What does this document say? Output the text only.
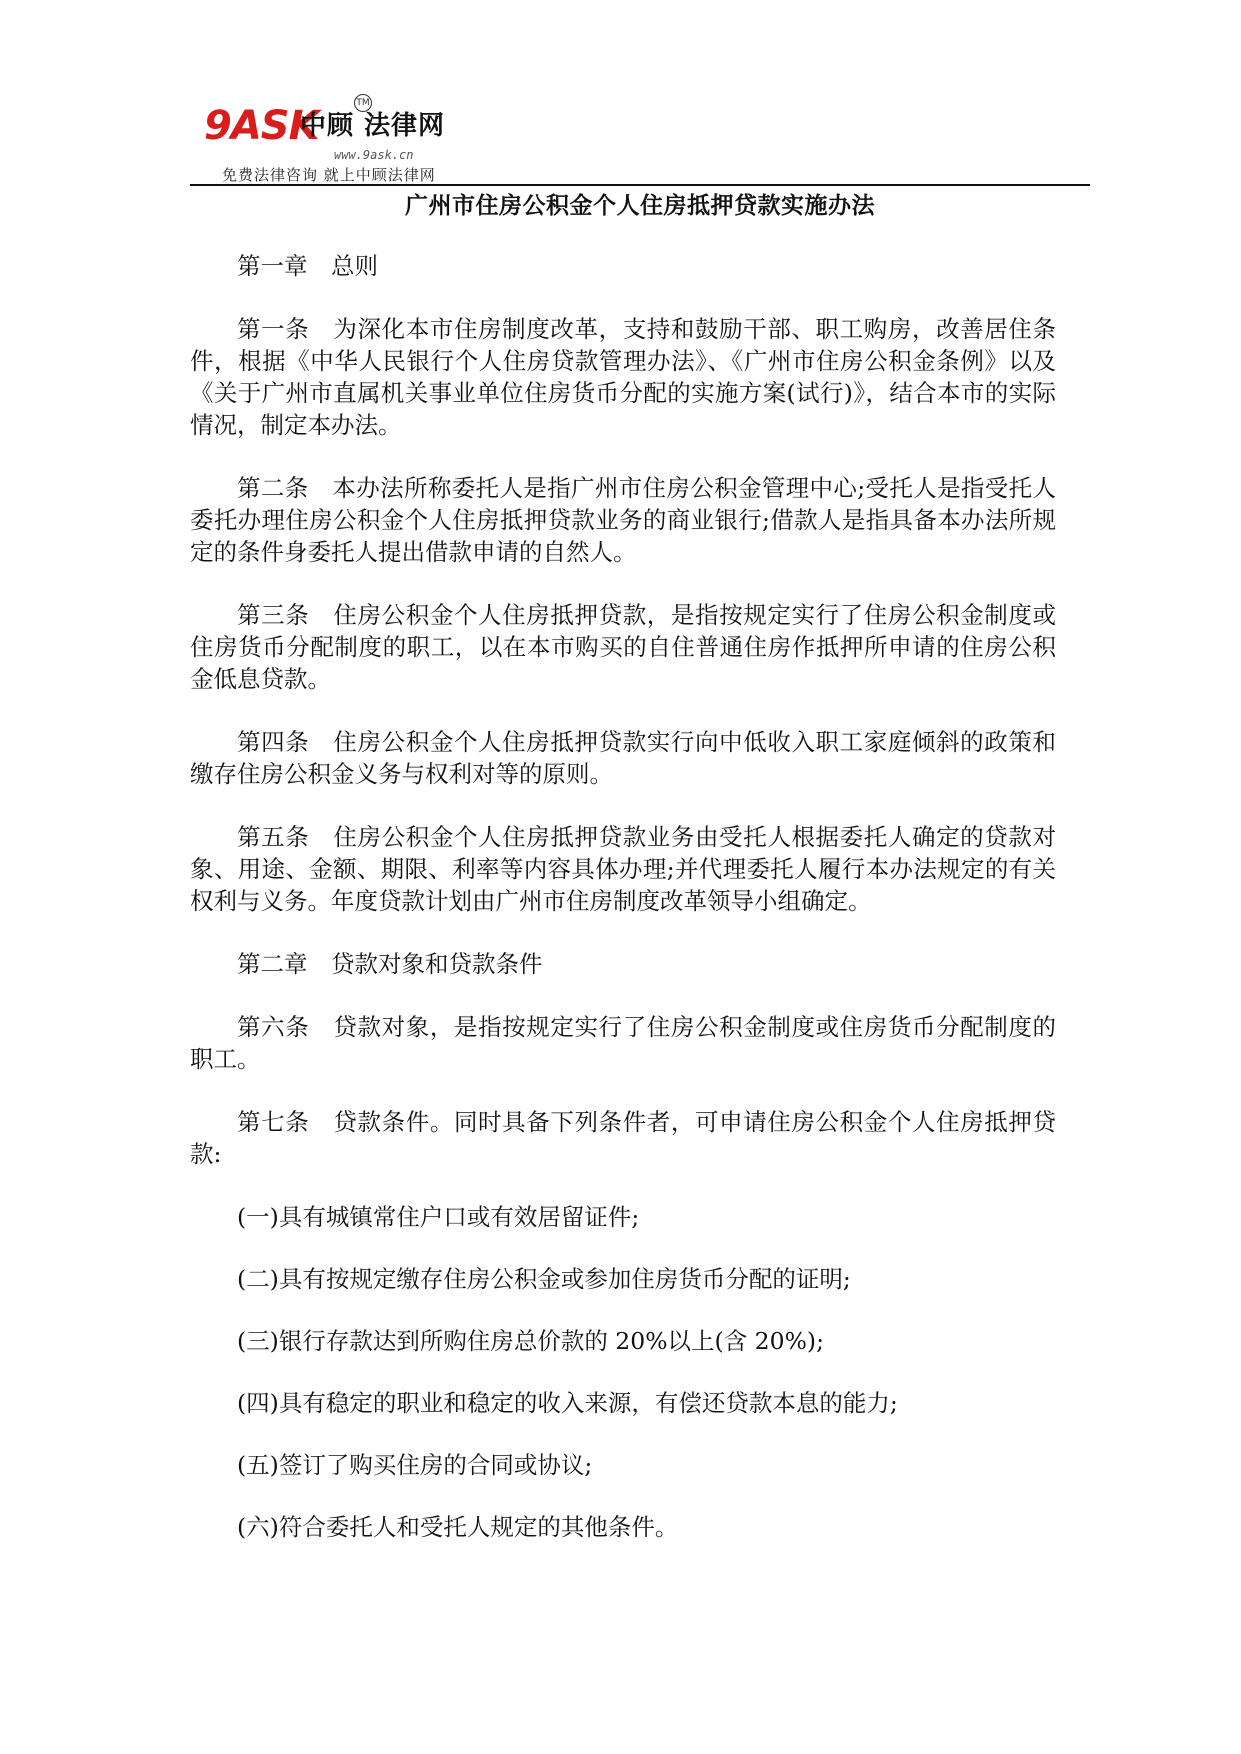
9ASK
中顾 法律网
TM
www.9ask.cn
免费法律咨询 就上中顾法律网
广州市住房公积金个人住房抵押贷款实施办法

第一章　总则

第一条　为深化本市住房制度改革，支持和鼓励干部、职工购房，改善居住条件，根据《中华人民银行个人住房贷款管理办法》、《广州市住房公积金条例》以及《关于广州市直属机关事业单位住房货币分配的实施方案(试行)》，结合本市的实际情况，制定本办法。

第二条　本办法所称委托人是指广州市住房公积金管理中心;受托人是指受托人委托办理住房公积金个人住房抵押贷款业务的商业银行;借款人是指具备本办法所规定的条件身委托人提出借款申请的自然人。

第三条　住房公积金个人住房抵押贷款，是指按规定实行了住房公积金制度或住房货币分配制度的职工，以在本市购买的自住普通住房作抵押所申请的住房公积金低息贷款。

第四条　住房公积金个人住房抵押贷款实行向中低收入职工家庭倾斜的政策和缴存住房公积金义务与权利对等的原则。

第五条　住房公积金个人住房抵押贷款业务由受托人根据委托人确定的贷款对象、用途、金额、期限、利率等内容具体办理;并代理委托人履行本办法规定的有关权利与义务。年度贷款计划由广州市住房制度改革领导小组确定。

第二章　贷款对象和贷款条件

第六条　贷款对象，是指按规定实行了住房公积金制度或住房货币分配制度的职工。

第七条　贷款条件。同时具备下列条件者，可申请住房公积金个人住房抵押贷款:

(一)具有城镇常住户口或有效居留证件;

(二)具有按规定缴存住房公积金或参加住房货币分配的证明;

(三)银行存款达到所购住房总价款的 20%以上(含 20%);

(四)具有稳定的职业和稳定的收入来源，有偿还贷款本息的能力;

(五)签订了购买住房的合同或协议;

(六)符合委托人和受托人规定的其他条件。
